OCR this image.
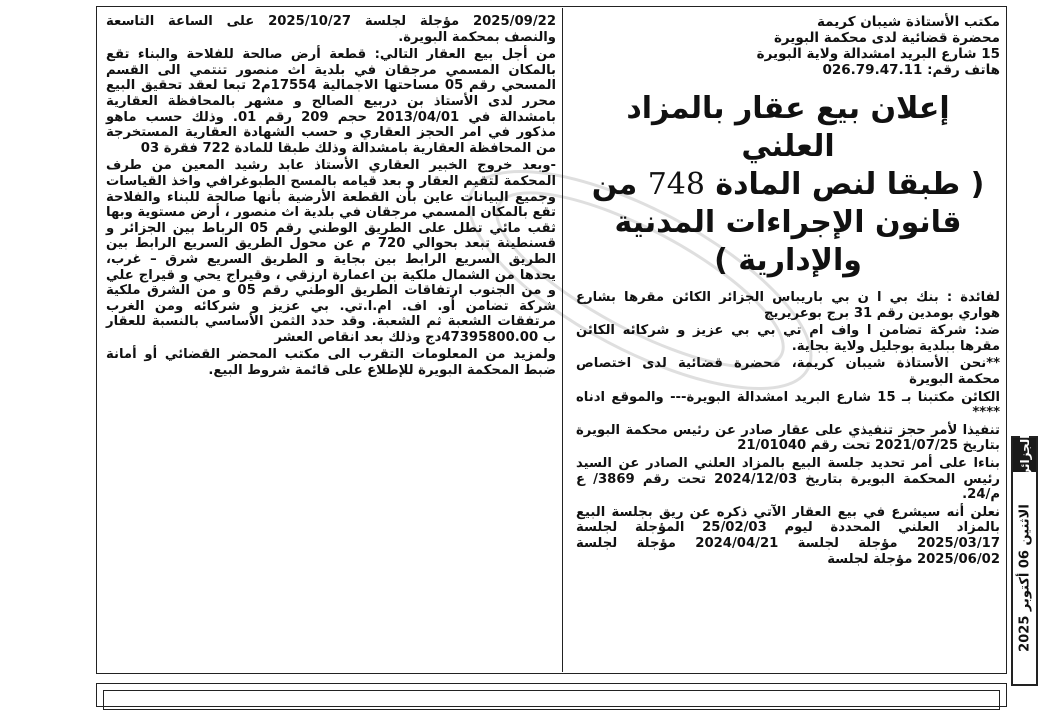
مكتب الأستاذة شيبان كريمة
محضرة قضائية لدى محكمة البويرة
15 شارع البريد امشدالة ولاية البويرة
هاتف رقم: 026.79.47.11
إعلان بيع عقار بالمزاد العلني
( طبقا لنص المادة 748 من
قانون الإجراءات المدنية
والإدارية )

لفائدة : بنك بي ا ن بي باريباس الجزائر الكائن مقرها بشارع هواري بومدين رقم 31 برج بوعريريج

ضد: شركة تضامن ا واف ام تي بي بي عزيز و شركائه الكائن مقرها ببلدية بوجليل ولاية بجاية.

**نحن الأستاذة شيبان كريمة، محضرة قضائية لدى اختصاص محكمة البويرة

الكائن مكتبنا بـ 15 شارع البريد امشدالة البويرة--- والموقع ادناه ****

تنفيذا لأمر حجز تنفيذي على عقار صادر عن رئيس محكمة البويرة بتاريخ 2021/07/25 تحت رقم 21/01040

بناءا على أمر تحديد جلسة البيع بالمزاد العلني الصادر عن السيد رئيس المحكمة البويرة بتاريخ 2024/12/03 تحت رقم 3869/ ع م/24.

نعلن أنه سيشرع في بيع العقار الآتي ذكره عن ريق بجلسة البيع بالمزاد العلني المحددة ليوم 25/02/03 المؤجلة لجلسة 2025/03/17 مؤجلة لجلسة 2024/04/21 مؤجلة لجلسة 2025/06/02 مؤجلة لجلسة

2025/09/22 مؤجلة لجلسة 2025/10/27 على الساعة التاسعة والنصف بمحكمة البويرة.

من أجل بيع العقار التالي: قطعة أرض صالحة للفلاحة والبناء تقع بالمكان المسمي مرجقان في بلدية اث منصور تنتمي الى القسم المسحي رقم 05 مساحتها الاجمالية 17554م2 تبعا لعقد تحقيق البيع محرر لدى الأستاذ بن دربيع الصالح و مشهر بالمحافظة العقارية بامشدالة في 2013/04/01 حجم 209 رقم 01. وذلك حسب ماهو مذكور في امر الحجز العقاري و حسب الشهادة العقارية المستخرجة من المحافظة العقارية بامشدالة وذلك طبقا للمادة 722 فقرة 03

-وبعد خروج الخبير العقاري الأستاذ عابد رشيد المعين من طرف المحكمة لتقيم العقار و بعد قيامه بالمسح الطبوغرافي واخذ القياسات وجميع البيانات عاين بأن القطعة الأرضية بأنها صالحة للبناء والفلاحة تقع بالمكان المسمي مرجقان في بلدية اث منصور ، أرض مستوية وبها ثقب مائي تطل على الطريق الوطني رقم 05 الرباط بين الجزائر و قسنطينة تبعد بحوالي 720 م عن محول الطريق السريع الرابط بين الطريق السريع الرابط بين بجاية و الطريق السريع شرق – غرب، يحدها من الشمال ملكية بن اعمارة ارزقي ، وقيراج يحي و قيراج علي و من الجنوب ارتفاقات الطريق الوطني رقم 05 و من الشرق ملكية شركة تضامن أو. اف. ام.ا.تي. بي عزيز و شركائه ومن الغرب مرتفقات الشعبة ثم الشعبة. وقد حدد الثمن الأساسي بالنسبة للعقار ب 47395800.00دج وذلك بعد انقاص العشر

ولمزيد من المعلومات التقرب الى مكتب المحضر القضائي أو أمانة ضبط المحكمة البويرة للإطلاع على قائمة شروط البيع.

الجزائر
الاثنين 06 أكتوبر 2025
